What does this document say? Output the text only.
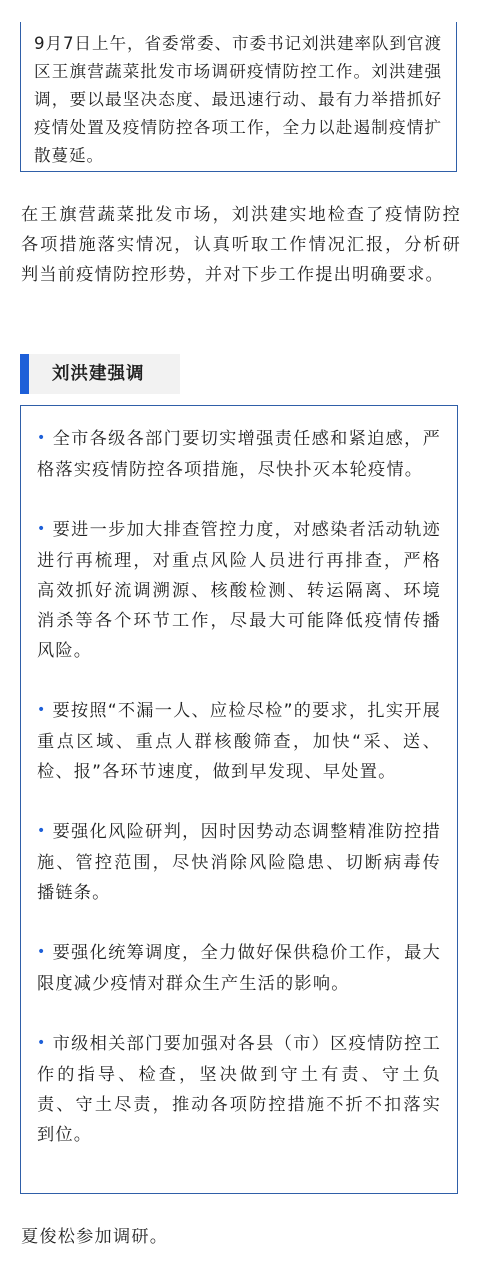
9月7日上午，省委常委、市委书记刘洪建率队到官渡区王旗营蔬菜批发市场调研疫情防控工作。刘洪建强调，要以最坚决态度、最迅速行动、最有力举措抓好疫情处置及疫情防控各项工作，全力以赴遏制疫情扩散蔓延。

在王旗营蔬菜批发市场，刘洪建实地检查了疫情防控各项措施落实情况，认真听取工作情况汇报，分析研判当前疫情防控形势，并对下步工作提出明确要求。

刘洪建强调

• 全市各级各部门要切实增强责任感和紧迫感，严格落实疫情防控各项措施，尽快扑灭本轮疫情。

• 要进一步加大排查管控力度，对感染者活动轨迹进行再梳理，对重点风险人员进行再排查，严格高效抓好流调溯源、核酸检测、转运隔离、环境消杀等各个环节工作，尽最大可能降低疫情传播风险。

• 要按照“不漏一人、应检尽检”的要求，扎实开展重点区域、重点人群核酸筛查，加快“采、送、检、报”各环节速度，做到早发现、早处置。

• 要强化风险研判，因时因势动态调整精准防控措施、管控范围，尽快消除风险隐患、切断病毒传播链条。

• 要强化统筹调度，全力做好保供稳价工作，最大限度减少疫情对群众生产生活的影响。

• 市级相关部门要加强对各县（市）区疫情防控工作的指导、检查，坚决做到守土有责、守土负责、守土尽责，推动各项防控措施不折不扣落实到位。

夏俊松参加调研。
